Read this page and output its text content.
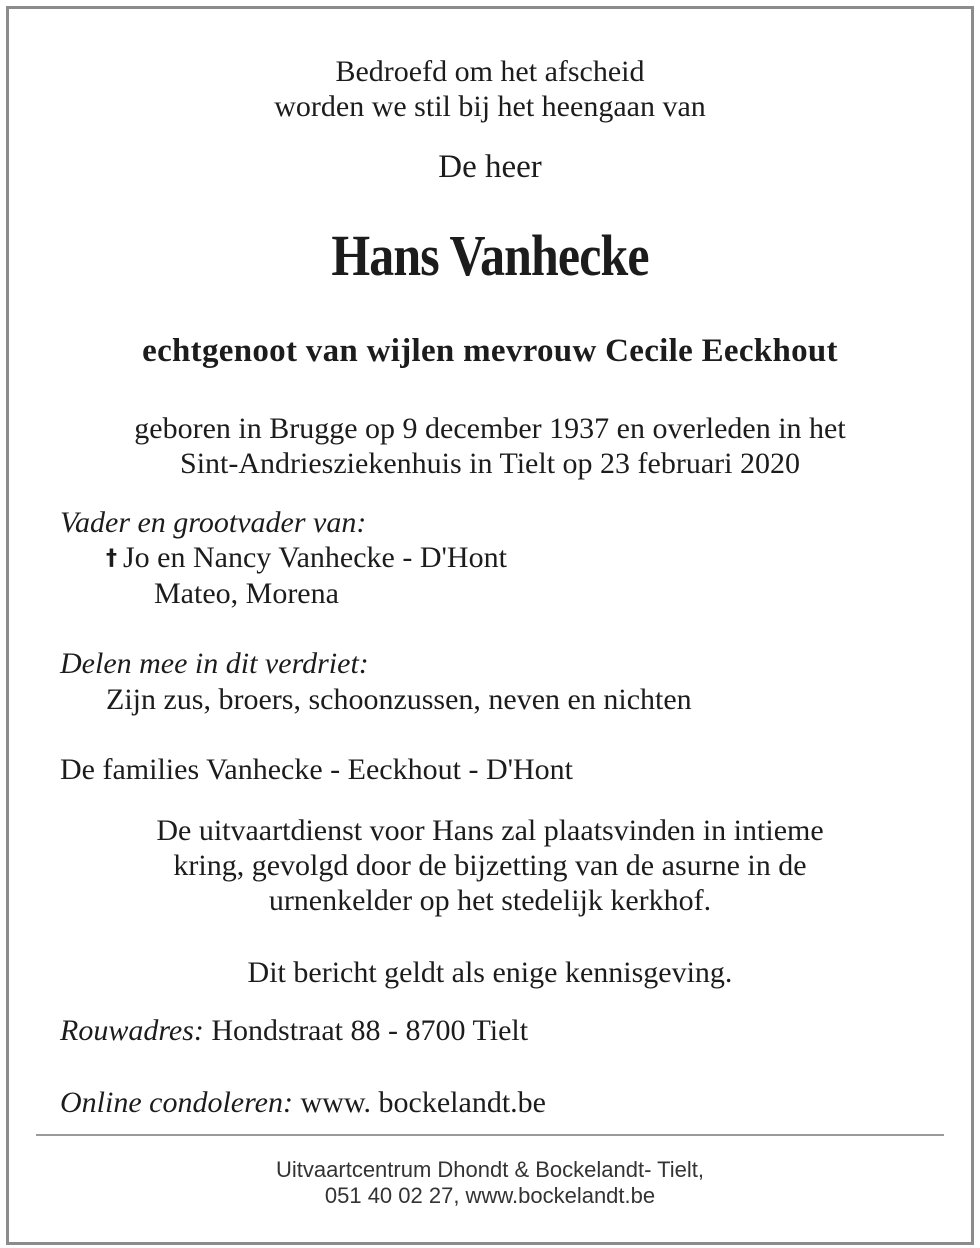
Bedroefd om het afscheid
worden we stil bij het heengaan van
De heer
Hans Vanhecke
echtgenoot van wijlen mevrouw Cecile Eeckhout
geboren in Brugge op 9 december 1937 en overleden in het
Sint-Andriesziekenhuis in Tielt op 23 februari 2020
Vader en grootvader van:
† Jo en Nancy Vanhecke - D'Hont
Mateo, Morena
Delen mee in dit verdriet:
Zijn zus, broers, schoonzussen, neven en nichten
De families Vanhecke - Eeckhout - D'Hont
De uitvaartdienst voor Hans zal plaatsvinden in intieme
kring, gevolgd door de bijzetting van de asurne in de
urnenkelder op het stedelijk kerkhof.
Dit bericht geldt als enige kennisgeving.
Rouwadres: Hondstraat 88 - 8700 Tielt
Online condoleren: www. bockelandt.be
Uitvaartcentrum Dhondt & Bockelandt- Tielt,
051 40 02 27, www.bockelandt.be
